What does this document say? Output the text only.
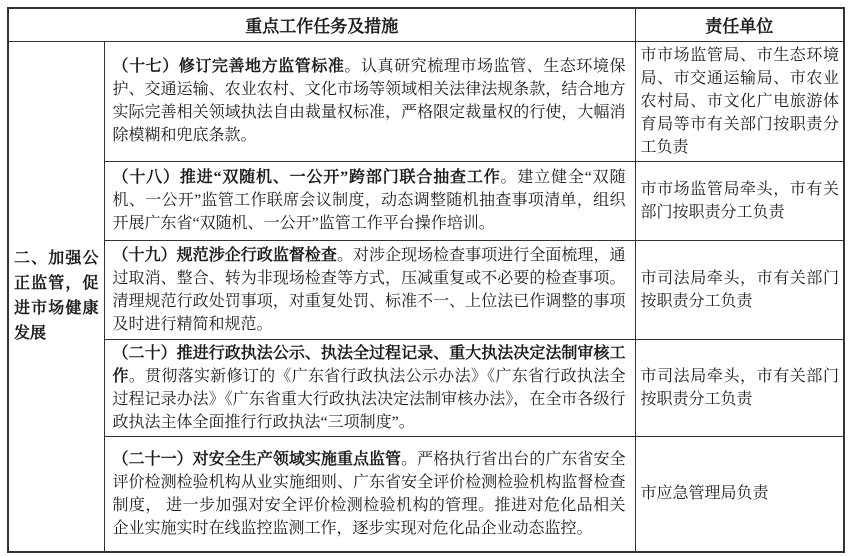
重点工作任务及措施		责任单位
二、加强公正监管，促进市场健康发展	（十七）修订完善地方监管标准。认真研究梳理市场监管、生态环境保护、交通运输、农业农村、文化市场等领域相关法律法规条款，结合地方实际完善相关领域执法自由裁量权标准，严格限定裁量权的行使，大幅消除模糊和兜底条款。	市市场监管局、市生态环境局、市交通运输局、市农业农村局、市文化广电旅游体育局等市有关部门按职责分工负责
	（十八）推进“双随机、一公开”跨部门联合抽查工作。建立健全“双随机、一公开”监管工作联席会议制度，动态调整随机抽查事项清单，组织开展广东省“双随机、一公开”监管工作平台操作培训。	市市场监管局牵头，市有关部门按职责分工负责
	（十九）规范涉企行政监督检查。对涉企现场检查事项进行全面梳理，通过取消、整合、转为非现场检查等方式，压减重复或不必要的检查事项。清理规范行政处罚事项，对重复处罚、标准不一、上位法已作调整的事项及时进行精简和规范。	市司法局牵头，市有关部门按职责分工负责
	（二十）推进行政执法公示、执法全过程记录、重大执法决定法制审核工作。贯彻落实新修订的《广东省行政执法公示办法》《广东省行政执法全过程记录办法》《广东省重大行政执法决定法制审核办法》，在全市各级行政执法主体全面推行行政执法“三项制度”。	市司法局牵头，市有关部门按职责分工负责
	（二十一）对安全生产领域实施重点监管。严格执行省出台的广东省安全评价检测检验机构从业实施细则、广东省安全评价检测检验机构监督检查制度， 进一步加强对安全评价检测检验机构的管理。推进对危化品相关企业实施实时在线监控监测工作，逐步实现对危化品企业动态监控。	市应急管理局负责
